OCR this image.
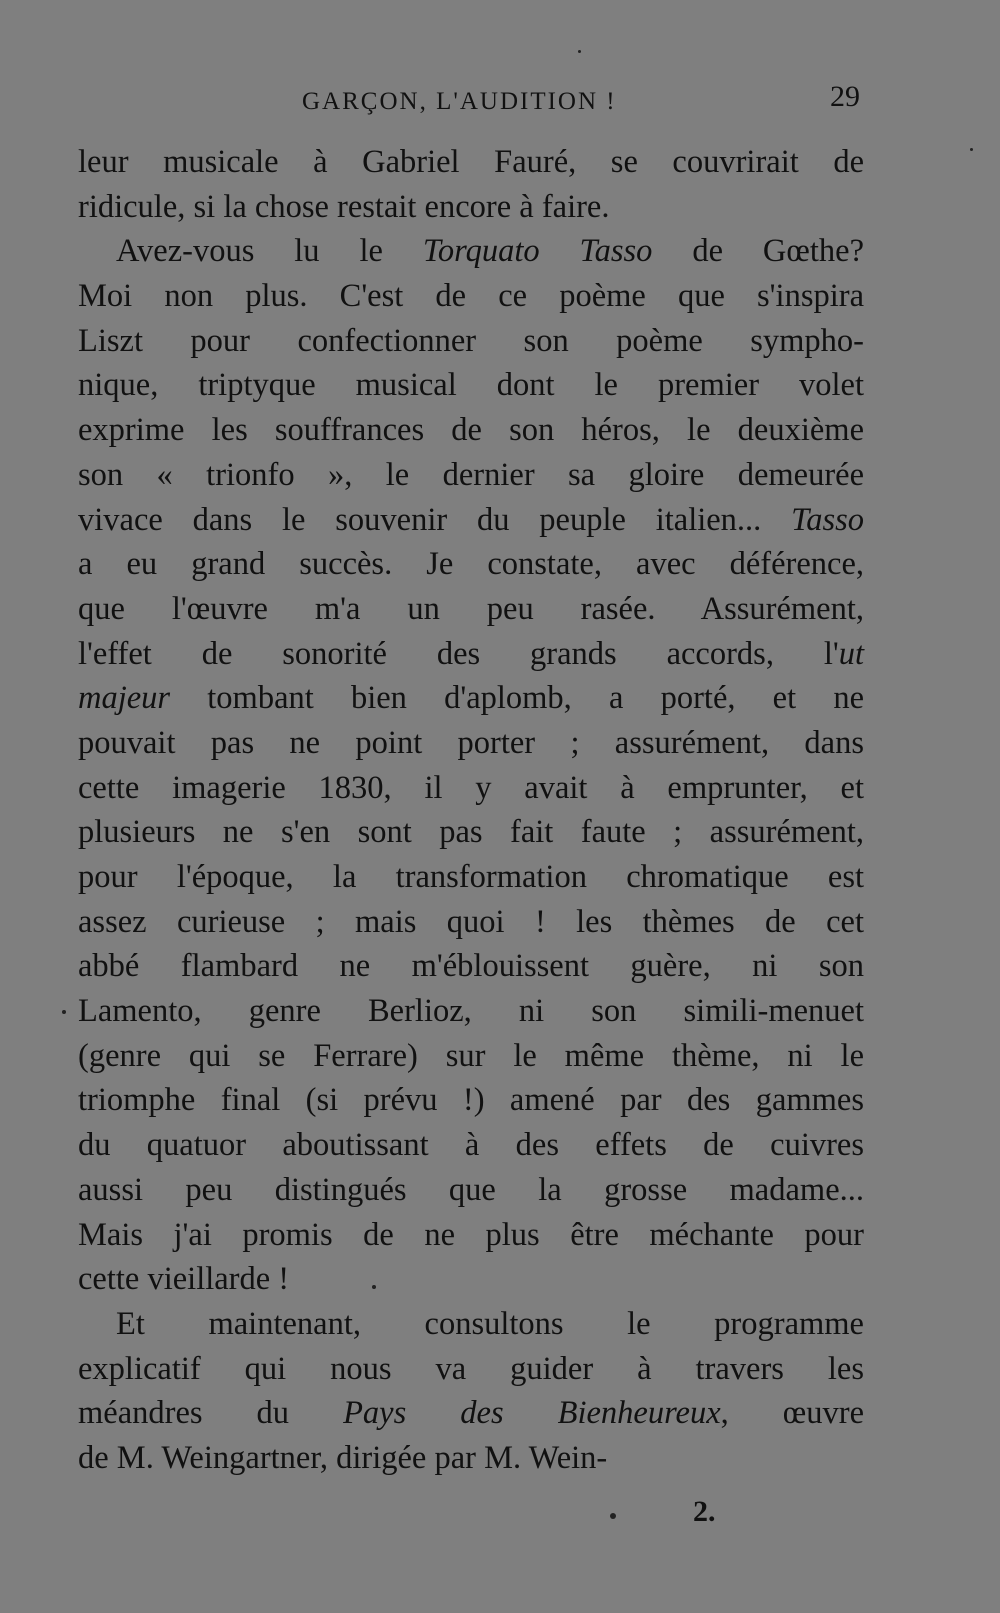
GARÇON, L'AUDITION !	29
leur musicale à Gabriel Fauré, se couvrirait de
ridicule, si la chose restait encore à faire.
Avez-vous lu le Torquato Tasso de Gœthe?
Moi non plus. C'est de ce poème que s'inspira
Liszt pour confectionner son poème sympho-
nique, triptyque musical dont le premier volet
exprime les souffrances de son héros, le deuxième
son « trionfo », le dernier sa gloire demeurée
vivace dans le souvenir du peuple italien... Tasso
a eu grand succès. Je constate, avec déférence,
que l'œuvre m'a un peu rasée. Assurément,
l'effet de sonorité des grands accords, l'ut
majeur tombant bien d'aplomb, a porté, et ne
pouvait pas ne point porter ; assurément, dans
cette imagerie 1830, il y avait à emprunter, et
plusieurs ne s'en sont pas fait faute ; assurément,
pour l'époque, la transformation chromatique est
assez curieuse ; mais quoi ! les thèmes de cet
abbé flambard ne m'éblouissent guère, ni son
Lamento, genre Berlioz, ni son simili-menuet
(genre qui se Ferrare) sur le même thème, ni le
triomphe final (si prévu !) amené par des gammes
du quatuor aboutissant à des effets de cuivres
aussi peu distingués que la grosse madame...
Mais j'ai promis de ne plus être méchante pour
cette vieillarde !
Et maintenant, consultons le programme
explicatif qui nous va guider à travers les
méandres du Pays des Bienheureux, œuvre
de M. Weingartner, dirigée par M. Wein-
2.
